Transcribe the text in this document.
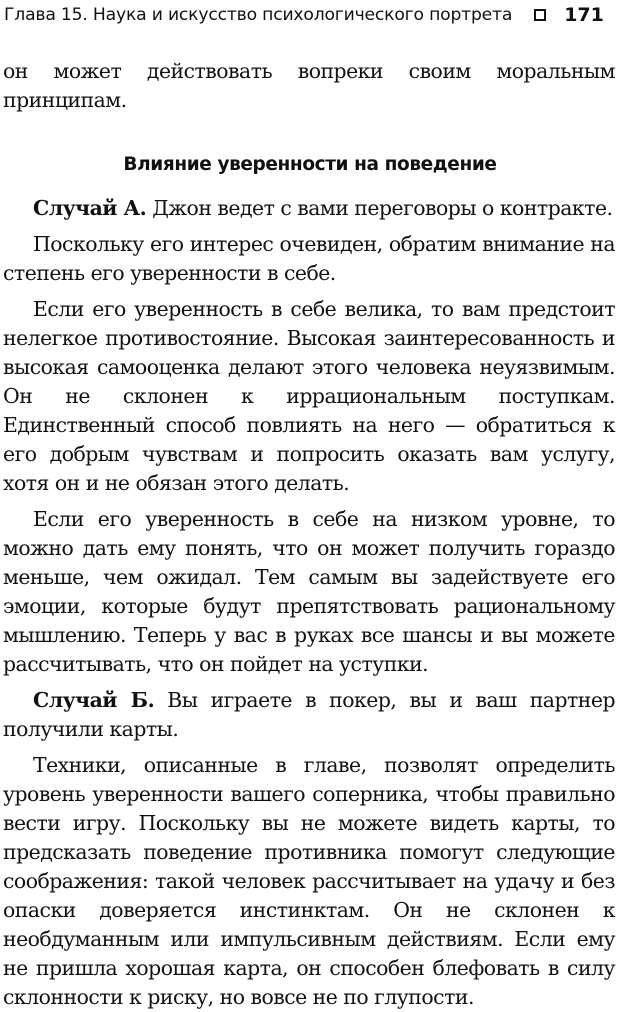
Глава 15. Наука и искусство психологического портрета	171

он может действовать вопреки своим моральным принципам.

Влияние уверенности на поведение

Случай А. Джон ведет с вами переговоры о контракте.

Поскольку его интерес очевиден, обратим внимание на степень его уверенности в себе.

Если его уверенность в себе велика, то вам предстоит нелегкое противостояние. Высокая заинтересованность и высокая самооценка делают этого человека неуязвимым. Он не склонен к иррациональным поступкам. Единственный способ повлиять на него — обратиться к его добрым чувствам и попросить оказать вам услугу, хотя он и не обязан этого делать.

Если его уверенность в себе на низком уровне, то можно дать ему понять, что он может получить гораздо меньше, чем ожидал. Тем самым вы задействуете его эмоции, которые будут препятствовать рациональному мышлению. Теперь у вас в руках все шансы и вы можете рассчитывать, что он пойдет на уступки.

Случай Б. Вы играете в покер, вы и ваш партнер получили карты.

Техники, описанные в главе, позволят определить уровень уверенности вашего соперника, чтобы правильно вести игру. Поскольку вы не можете видеть карты, то предсказать поведение противника помогут следующие соображения: такой человек рассчитывает на удачу и без опаски доверяется инстинктам. Он не склонен к необдуманным или импульсивным действиям. Если ему не пришла хорошая карта, он способен блефовать в силу склонности к риску, но вовсе не по глупости.
